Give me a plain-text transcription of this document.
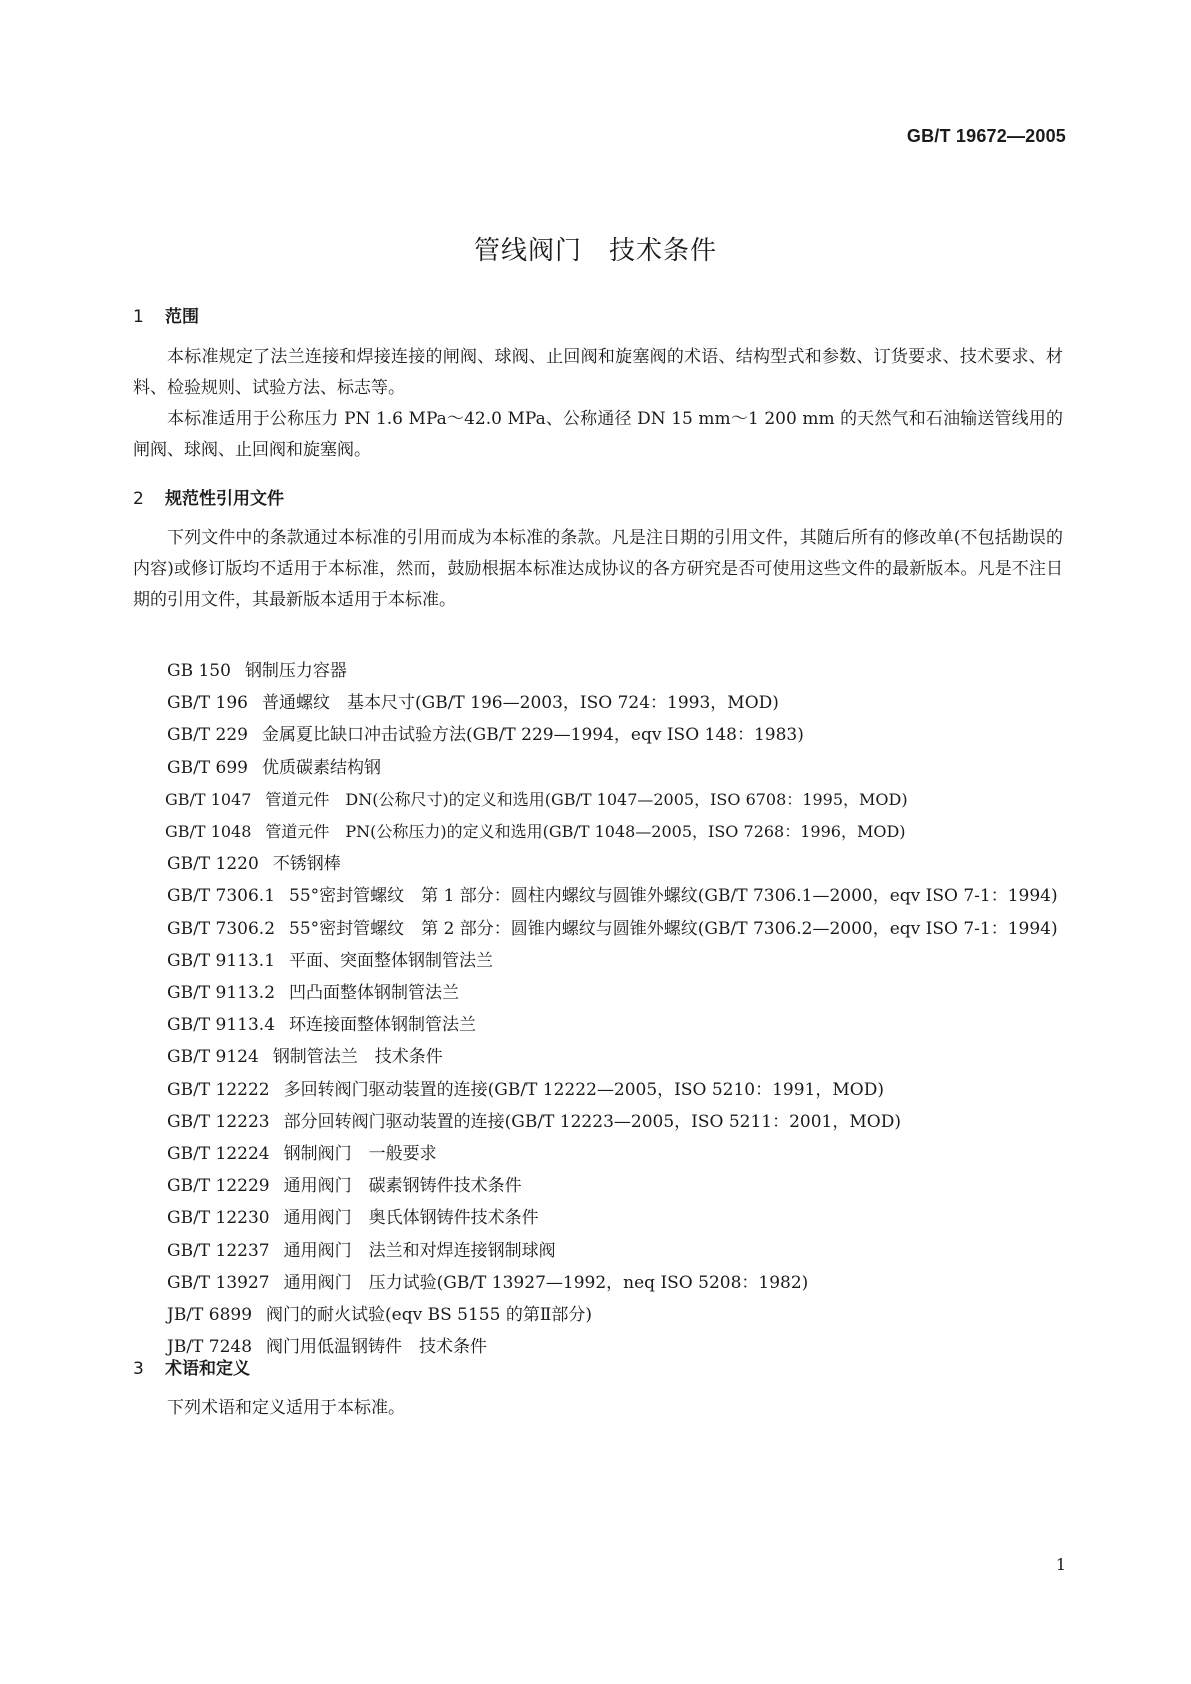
GB/T 19672—2005
管线阀门　技术条件
1 范围

本标准规定了法兰连接和焊接连接的闸阀、球阀、止回阀和旋塞阀的术语、结构型式和参数、订货要求、技术要求、材料、检验规则、试验方法、标志等。

本标准适用于公称压力 PN 1.6 MPa～42.0 MPa、公称通径 DN 15 mm～1 200 mm 的天然气和石油输送管线用的闸阀、球阀、止回阀和旋塞阀。

2 规范性引用文件

下列文件中的条款通过本标准的引用而成为本标准的条款。凡是注日期的引用文件，其随后所有的修改单(不包括勘误的内容)或修订版均不适用于本标准，然而，鼓励根据本标准达成协议的各方研究是否可使用这些文件的最新版本。凡是不注日期的引用文件，其最新版本适用于本标准。

GB 150 钢制压力容器
GB/T 196 普通螺纹　基本尺寸(GB/T 196—2003，ISO 724：1993，MOD)
GB/T 229 金属夏比缺口冲击试验方法(GB/T 229—1994，eqv ISO 148：1983)
GB/T 699 优质碳素结构钢
GB/T 1047 管道元件　DN(公称尺寸)的定义和选用(GB/T 1047—2005，ISO 6708：1995，MOD)
GB/T 1048 管道元件　PN(公称压力)的定义和选用(GB/T 1048—2005，ISO 7268：1996，MOD)
GB/T 1220 不锈钢棒
GB/T 7306.1 55°密封管螺纹　第 1 部分：圆柱内螺纹与圆锥外螺纹(GB/T 7306.1—2000，eqv ISO 7-1：1994)
GB/T 7306.2 55°密封管螺纹　第 2 部分：圆锥内螺纹与圆锥外螺纹(GB/T 7306.2—2000，eqv ISO 7-1：1994)
GB/T 9113.1 平面、突面整体钢制管法兰
GB/T 9113.2 凹凸面整体钢制管法兰
GB/T 9113.4 环连接面整体钢制管法兰
GB/T 9124 钢制管法兰　技术条件
GB/T 12222 多回转阀门驱动装置的连接(GB/T 12222—2005，ISO 5210：1991，MOD)
GB/T 12223 部分回转阀门驱动装置的连接(GB/T 12223—2005，ISO 5211：2001，MOD)
GB/T 12224 钢制阀门　一般要求
GB/T 12229 通用阀门　碳素钢铸件技术条件
GB/T 12230 通用阀门　奥氏体钢铸件技术条件
GB/T 12237 通用阀门　法兰和对焊连接钢制球阀
GB/T 13927 通用阀门　压力试验(GB/T 13927—1992，neq ISO 5208：1982)
JB/T 6899 阀门的耐火试验(eqv BS 5155 的第Ⅱ部分)
JB/T 7248 阀门用低温钢铸件　技术条件
3 术语和定义

下列术语和定义适用于本标准。

1
